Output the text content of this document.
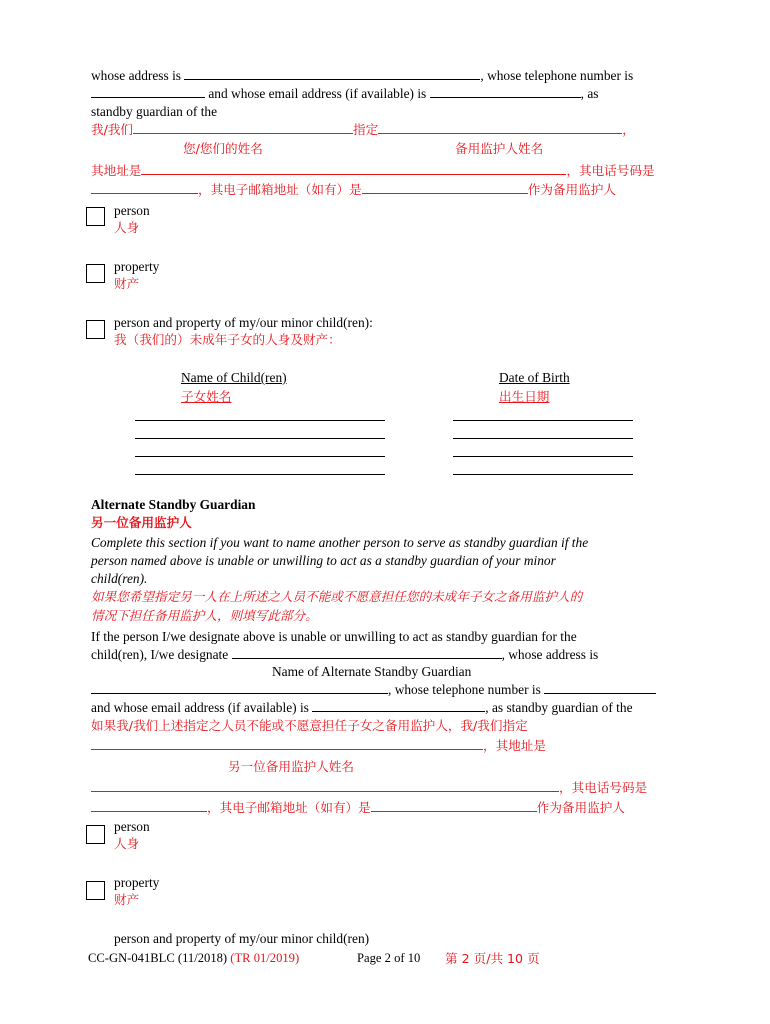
whose address is	, whose telephone number is
and whose email address (if available) is	, as
standby guardian of the
我/我们	指定	，
您/您们的姓名	备用监护人姓名
其地址是	，其电话号码是
，其电子邮箱地址（如有）是	作为备用监护人
person
人身
property
财产
person and property of my/our minor child(ren):
我（我们的）未成年子女的人身及财产：
Name of Child(ren)
子女姓名
Date of Birth
出生日期
Alternate Standby Guardian
另一位备用监护人
Complete this section if you want to name another person to serve as standby guardian if the
person named above is unable or unwilling to act as a standby guardian of your minor
child(ren).
如果您希望指定另一人在上所述之人员不能或不愿意担任您的未成年子女之备用监护人的
情况下担任备用监护人，则填写此部分。
If the person I/we designate above is unable or unwilling to act as standby guardian for the
child(ren), I/we designate	, whose address is
Name of Alternate Standby Guardian
, whose telephone number is
and whose email address (if available) is	, as standby guardian of the
如果我/我们上述指定之人员不能或不愿意担任子女之备用监护人，我/我们指定
，其地址是
另一位备用监护人姓名
，其电话号码是
，其电子邮箱地址（如有）是	作为备用监护人
person
人身
property
财产
person and property of my/our minor child(ren)
CC-GN-041BLC (11/2018) (TR 01/2019)	Page 2 of 10 第 2 页/共 10 页
